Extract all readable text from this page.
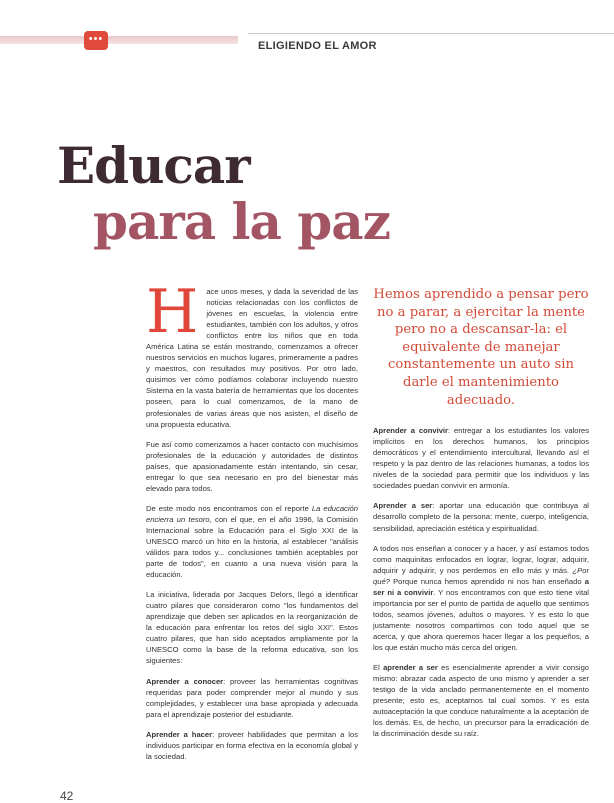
•••
ELIGIENDO EL AMOR
Educar
para la paz

H ace unos meses, y dada la severidad de las noticias relacionadas con los conflictos de jóvenes en escuelas, la violencia entre estudiantes, también con los adultos, y otros conflictos entre los niños que en toda América Latina se están mostrando, comenzamos a ofrecer nuestros servicios en muchos lugares, primeramente a padres y maestros, con resultados muy positivos. Por otro lado, quisimos ver cómo podíamos colaborar incluyendo nuestro Sistema en la vasta batería de herramientas que los docentes poseen, para lo cual comenzamos, de la mano de profesionales de varias áreas que nos asisten, el diseño de una propuesta educativa.

Fue así como comenzamos a hacer contacto con muchísimos profesionales de la educación y autoridades de distintos países, que apasionadamente están intentando, sin cesar, entregar lo que sea necesario en pro del bienestar más elevado para todos.

De este modo nos encontramos con el reporte La educación encierra un tesoro, con el que, en el año 1996, la Comisión Internacional sobre la Educación para el Siglo XXI de la UNESCO marcó un hito en la historia, al establecer "análisis válidos para todos y... conclusiones también aceptables por parte de todos", en cuanto a una nueva visión para la educación.

La iniciativa, liderada por Jacques Delors, llegó a identificar cuatro pilares que consideraron como "los fundamentos del aprendizaje que deben ser aplicados en la reorganización de la educación para enfrentar los retos del siglo XXI". Estos cuatro pilares, que han sido aceptados ampliamente por la UNESCO como la base de la reforma educativa, son los siguientes:

Aprender a conocer: proveer las herramientas cognitivas requeridas para poder comprender mejor al mundo y sus complejidades, y establecer una base apropiada y adecuada para el aprendizaje posterior del estudiante.

Aprender a hacer: proveer habilidades que permitan a los individuos participar en forma efectiva en la economía global y la sociedad.

Hemos aprendido a pensar pero no a parar, a ejercitar la mente pero no a descansar-la: el equivalente de manejar constantemente un auto sin darle el mantenimiento adecuado.

Aprender a convivir: entregar a los estudiantes los valores implícitos en los derechos humanos, los principios democráticos y el entendimiento intercultural, llevando así el respeto y la paz dentro de las relaciones humanas, a todos los niveles de la sociedad para permitir que los individuos y las sociedades puedan convivir en armonía.

Aprender a ser: aportar una educación que contribuya al desarrollo completo de la persona: mente, cuerpo, inteligencia, sensibilidad, apreciación estética y espiritualidad.

A todos nos enseñan a conocer y a hacer, y así estamos todos como maquinitas enfocados en lograr, lograr, lograr, adquirir, adquirir y adquirir, y nos perdemos en ello más y más. ¿Por qué? Porque nunca hemos aprendido ni nos han enseñado a ser ni a convivir. Y nos encontramos con que esto tiene vital importancia por ser el punto de partida de aquello que sentimos todos, seamos jóvenes, adultos o mayores. Y es esto lo que justamente nosotros compartimos con todo aquel que se acerca, y que ahora queremos hacer llegar a los pequeños, a los que están mucho más cerca del origen.

El aprender a ser es esencialmente aprender a vivir consigo mismo: abrazar cada aspecto de uno mismo y aprender a ser testigo de la vida anclado permanentemente en el momento presente; esto es, aceptarnos tal cual somos. Y es esta autoaceptación la que conduce naturalmente a la aceptación de los demás. Es, de hecho, un precursor para la erradicación de la discriminación desde su raíz.

42
